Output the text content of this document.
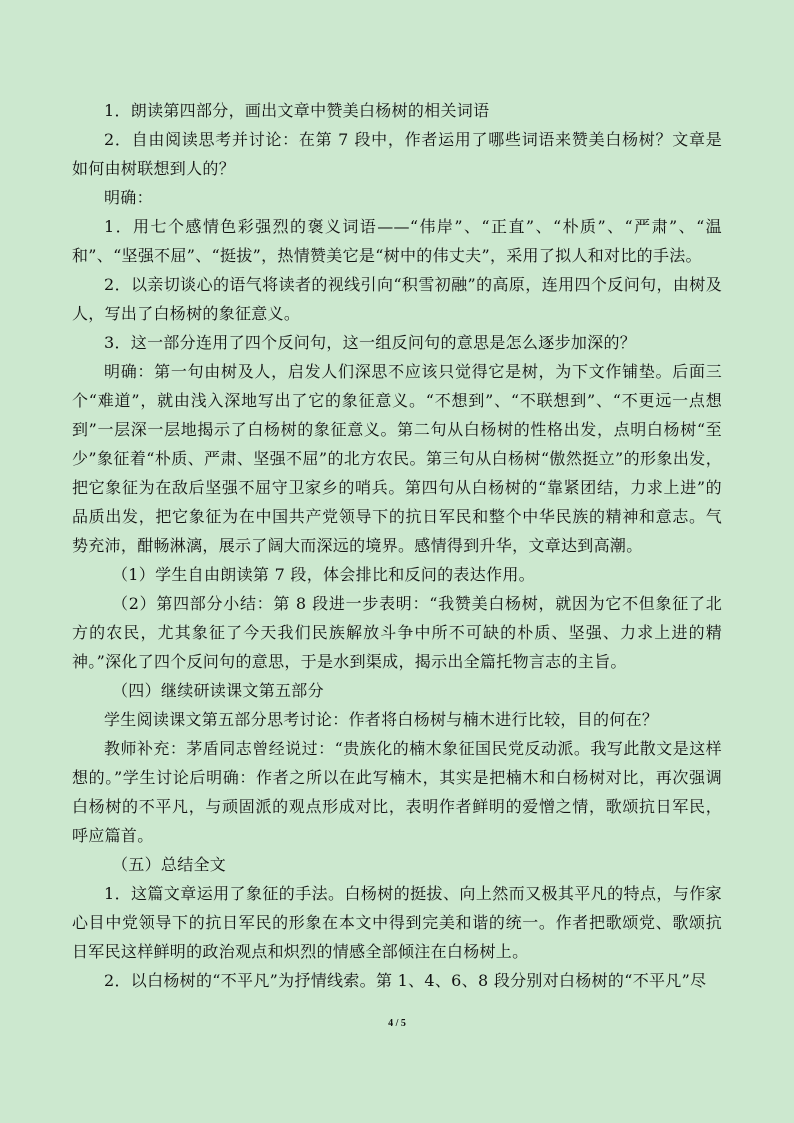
1．朗读第四部分，画出文章中赞美白杨树的相关词语

2．自由阅读思考并讨论：在第 7 段中，作者运用了哪些词语来赞美白杨树？文章是如何由树联想到人的？

明确：

1．用七个感情色彩强烈的褒义词语——“伟岸”、“正直”、“朴质”、“严肃”、“温和”、“坚强不屈”、“挺拔”，热情赞美它是“树中的伟丈夫”，采用了拟人和对比的手法。

2．以亲切谈心的语气将读者的视线引向“积雪初融”的高原，连用四个反问句，由树及人，写出了白杨树的象征意义。

3．这一部分连用了四个反问句，这一组反问句的意思是怎么逐步加深的？

明确：第一句由树及人，启发人们深思不应该只觉得它是树，为下文作铺垫。后面三个“难道”，就由浅入深地写出了它的象征意义。“不想到”、“不联想到”、“不更远一点想到”一层深一层地揭示了白杨树的象征意义。第二句从白杨树的性格出发，点明白杨树“至少”象征着“朴质、严肃、坚强不屈”的北方农民。第三句从白杨树“傲然挺立”的形象出发，把它象征为在敌后坚强不屈守卫家乡的哨兵。第四句从白杨树的“靠紧团结，力求上进”的品质出发，把它象征为在中国共产党领导下的抗日军民和整个中华民族的精神和意志。气势充沛，酣畅淋漓，展示了阔大而深远的境界。感情得到升华，文章达到高潮。

（1）学生自由朗读第 7 段，体会排比和反问的表达作用。

（2）第四部分小结：第 8 段进一步表明：“我赞美白杨树，就因为它不但象征了北方的农民，尤其象征了今天我们民族解放斗争中所不可缺的朴质、坚强、力求上进的精神。”深化了四个反问句的意思，于是水到渠成，揭示出全篇托物言志的主旨。

（四）继续研读课文第五部分

学生阅读课文第五部分思考讨论：作者将白杨树与楠木进行比较，目的何在？

教师补充：茅盾同志曾经说过：“贵族化的楠木象征国民党反动派。我写此散文是这样想的。”学生讨论后明确：作者之所以在此写楠木，其实是把楠木和白杨树对比，再次强调白杨树的不平凡，与顽固派的观点形成对比，表明作者鲜明的爱憎之情，歌颂抗日军民，呼应篇首。

（五）总结全文

1．这篇文章运用了象征的手法。白杨树的挺拔、向上然而又极其平凡的特点，与作家心目中党领导下的抗日军民的形象在本文中得到完美和谐的统一。作者把歌颂党、歌颂抗日军民这样鲜明的政治观点和炽烈的情感全部倾注在白杨树上。

2．以白杨树的“不平凡”为抒情线索。第 1、4、6、8 段分别对白杨树的“不平凡”尽

4 / 5
